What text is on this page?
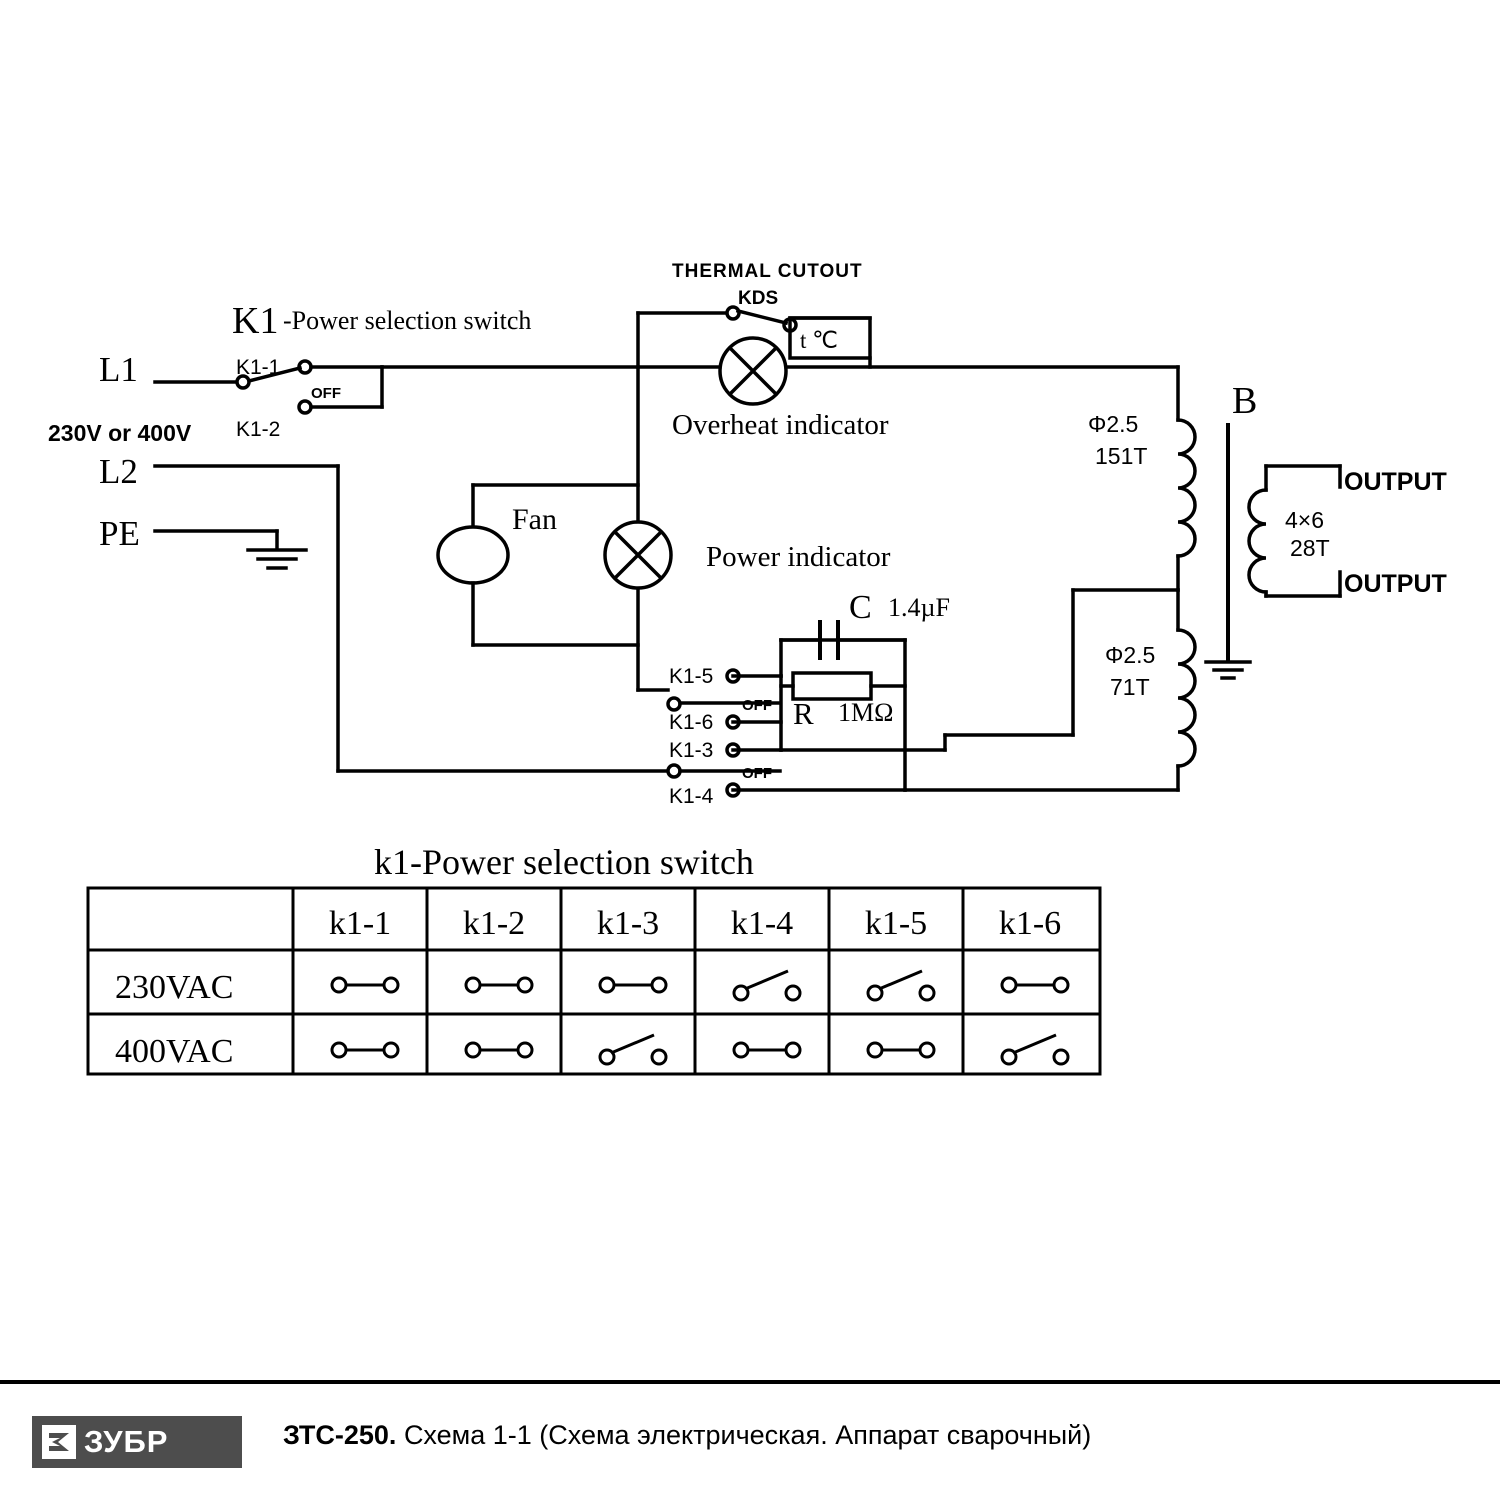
L1
230V or 400V
L2
PE
K1 -Power selection switch
K1-1
K1-2
OFF
THERMAL CUTOUT
KDS
t ℃
Overheat indicator
Fan
Power indicator
C 1.4µF
R 1MΩ
K1-5
K1-6
K1-3
K1-4
OFF
OFF
Φ2.5
151T
Φ2.5
71T
B
4×6
28T
OUTPUT
OUTPUT
k1-Power selection switch
k1-1 k1-2 k1-3 k1-4 k1-5 k1-6
230VAC
400VAC
ЗУБР	ЗТС-250. Схема 1-1 (Схема электрическая. Аппарат сварочный)
